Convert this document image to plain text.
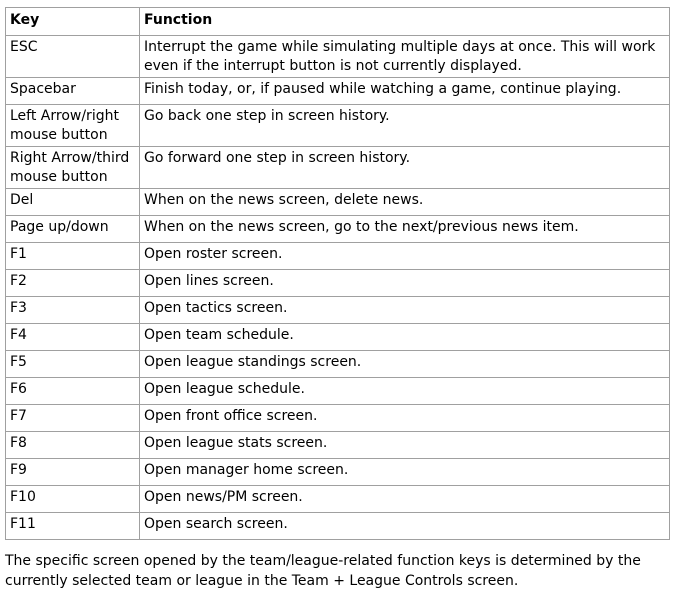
Key	Function
ESC	Interrupt the game while simulating multiple days at once. This will work even if the interrupt button is not currently displayed.
Spacebar	Finish today, or, if paused while watching a game, continue playing.
Left Arrow/right mouse button	Go back one step in screen history.
Right Arrow/third mouse button	Go forward one step in screen history.
Del	When on the news screen, delete news.
Page up/down	When on the news screen, go to the next/previous news item.
F1	Open roster screen.
F2	Open lines screen.
F3	Open tactics screen.
F4	Open team schedule.
F5	Open league standings screen.
F6	Open league schedule.
F7	Open front office screen.
F8	Open league stats screen.
F9	Open manager home screen.
F10	Open news/PM screen.
F11	Open search screen.

The specific screen opened by the team/league-related function keys is determined by the currently selected team or league in the Team + League Controls screen.
